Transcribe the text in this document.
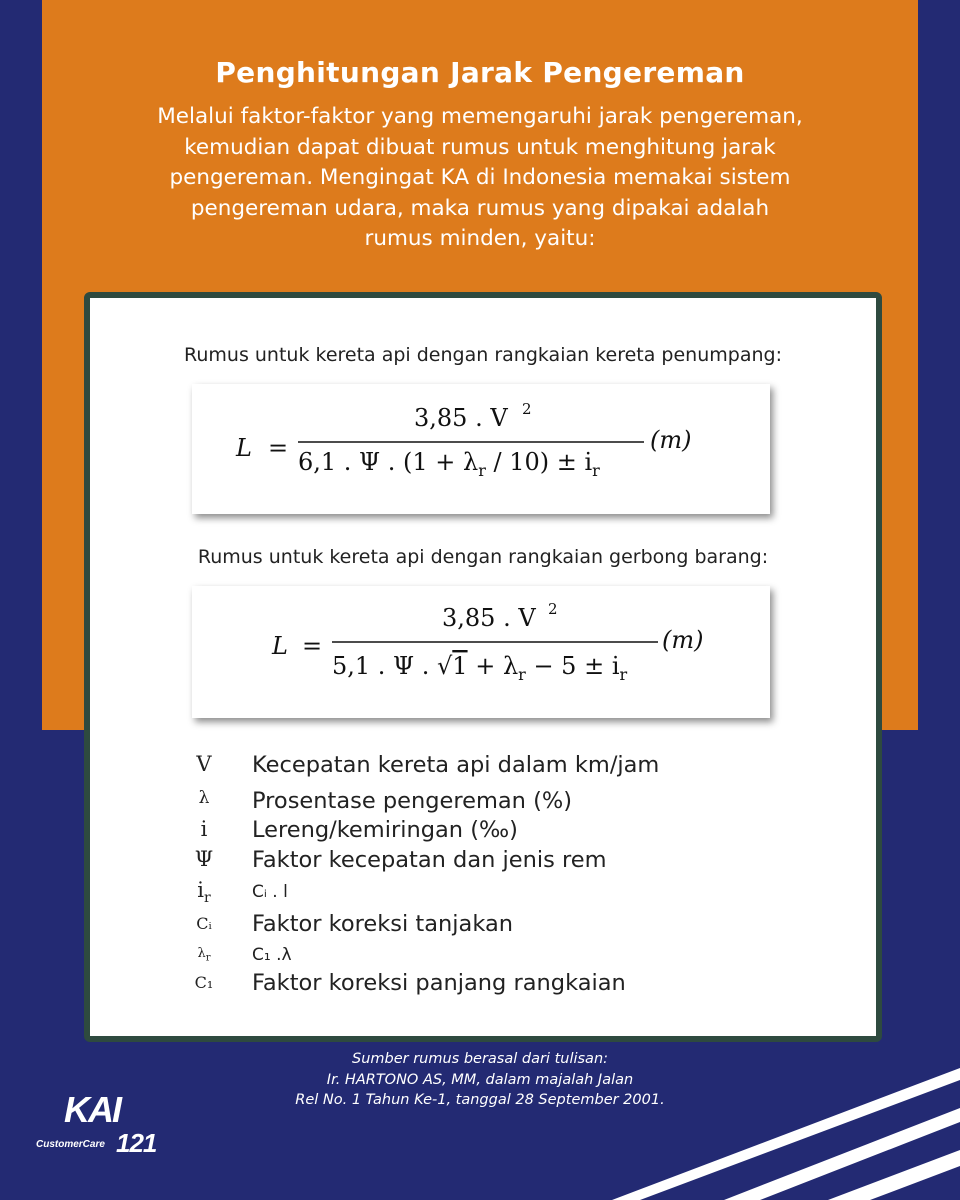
Penghitungan Jarak Pengereman
Melalui faktor-faktor yang memengaruhi jarak pengereman,
kemudian dapat dibuat rumus untuk menghitung jarak
pengereman. Mengingat KA di Indonesia memakai sistem
pengereman udara, maka rumus yang dipakai adalah
rumus minden, yaitu:
Rumus untuk kereta api dengan rangkaian kereta penumpang:
L =
3,85 . V 2
6,1 . Ψ . $(1 + \lambda_r / 10) \pm i_r$
(m)
Rumus untuk kereta api dengan rangkaian gerbong barang:
L =
3,85 . V 2
5,1 . Ψ . $√1 + \lambda_r - 5 \pm i_r$
(m)
V	Kecepatan kereta api dalam km/jam
λ	Prosentase pengereman (%)
i	Lereng/kemiringan (‰)
Ψ	Faktor kecepatan dan jenis rem
$i_r$	Cᵢ . l
Cᵢ	Faktor koreksi tanjakan
$\lambda_r$	C₁ .λ
C₁	Faktor koreksi panjang rangkaian
Sumber rumus berasal dari tulisan:
Ir. HARTONO AS, MM, dalam majalah Jalan
Rel No. 1 Tahun Ke-1, tanggal 28 September 2001.
KAI
CustomerCare 121
